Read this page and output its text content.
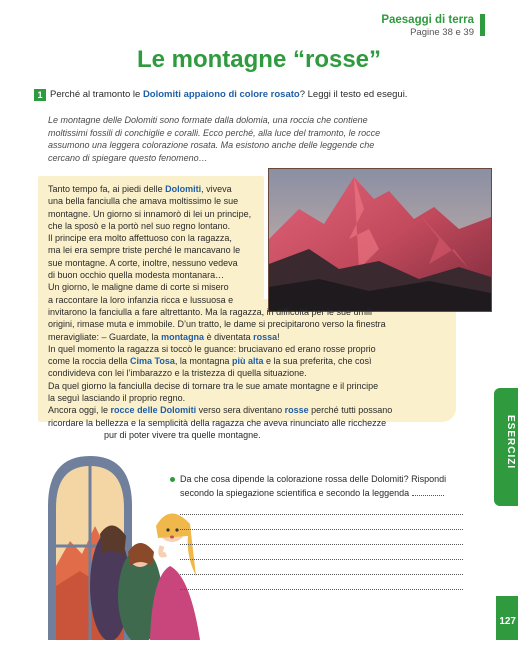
Paesaggi di terra
Pagine 38 e 39
Le montagne “rosse”
1 Perché al tramonto le Dolomiti appaiono di colore rosato? Leggi il testo ed esegui.
Le montagne delle Dolomiti sono formate dalla dolomia, una roccia che contiene
moltissimi fossili di conchiglie e coralli. Ecco perché, alla luce del tramonto, le rocce
assumono una leggera colorazione rosata. Ma esistono anche delle leggende che
cercano di spiegare questo fenomeno…
Tanto tempo fa, ai piedi delle Dolomiti, viveva
una bella fanciulla che amava moltissimo le sue
montagne. Un giorno si innamorò di lei un principe,
che la sposò e la portò nel suo regno lontano.
Il principe era molto affettuoso con la ragazza,
ma lei era sempre triste perché le mancavano le
sue montagne. A corte, inoltre, nessuno vedeva
di buon occhio quella modesta montanara…
Un giorno, le maligne dame di corte si misero
a raccontare la loro infanzia ricca e lussuosa e
invitarono la fanciulla a fare altrettanto. Ma la ragazza, in difficoltà per le sue umili
origini, rimase muta e immobile. D’un tratto, le dame si precipitarono verso la finestra
meravigliate: – Guardate, la montagna è diventata rossa!
In quel momento la ragazza si toccò le guance: bruciavano ed erano rosse proprio
come la roccia della Cima Tosa, la montagna più alta e la sua preferita, che così
condivideva con lei l’imbarazzo e la tristezza di quella situazione.
Da quel giorno la fanciulla decise di tornare tra le sue amate montagne e il principe
la seguì lasciando il proprio regno.
Ancora oggi, le rocce delle Dolomiti verso sera diventano rosse perché tutti possano
ricordare la bellezza e la semplicità della ragazza che aveva rinunciato alle ricchezze
pur di poter vivere tra quelle montagne.	ESERCIZI
Da che cosa dipende la colorazione rossa delle Dolomiti? Rispondi
secondo la spiegazione scientifica e secondo la leggenda
127
